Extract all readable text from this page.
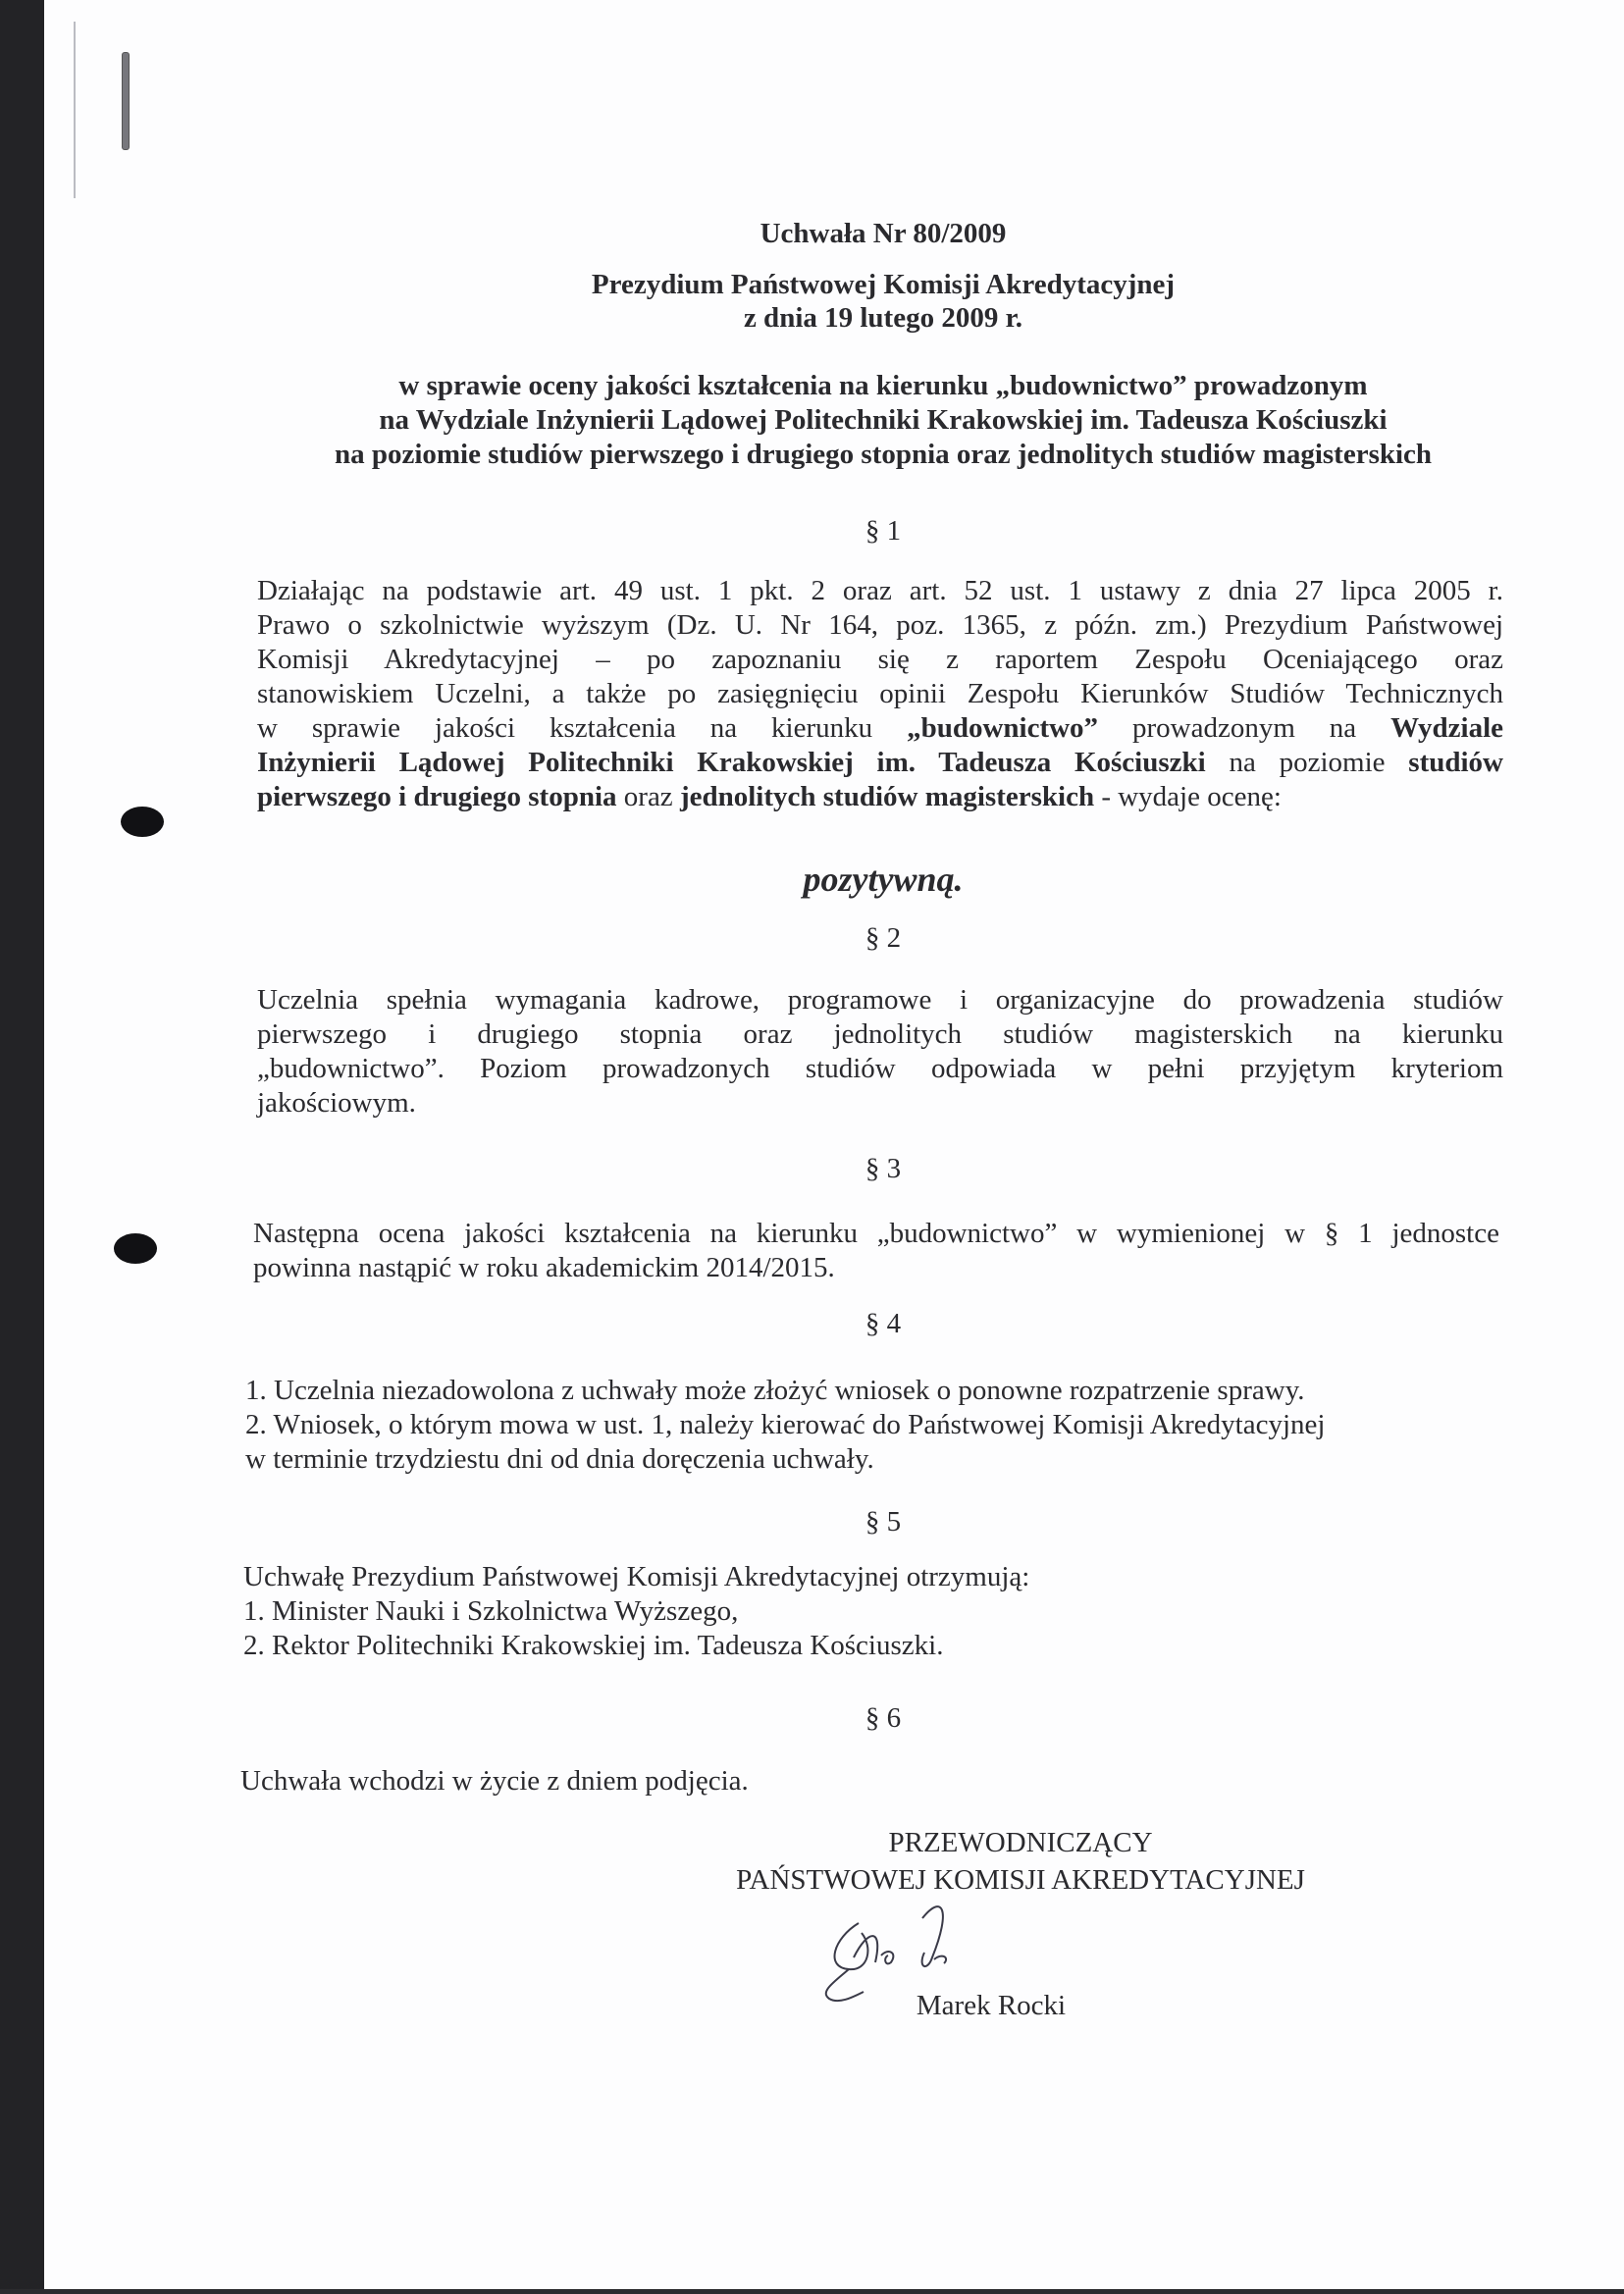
Uchwała Nr 80/2009
Prezydium Państwowej Komisji Akredytacyjnej
z dnia 19 lutego 2009 r.
w sprawie oceny jakości kształcenia na kierunku „budownictwo” prowadzonym
na Wydziale Inżynierii Lądowej Politechniki Krakowskiej im. Tadeusza Kościuszki
na poziomie studiów pierwszego i drugiego stopnia oraz jednolitych studiów magisterskich
§ 1
Działając na podstawie art. 49 ust. 1 pkt. 2 oraz art. 52 ust. 1 ustawy z dnia 27 lipca 2005 r.
Prawo o szkolnictwie wyższym (Dz. U. Nr 164, poz. 1365, z późn. zm.) Prezydium Państwowej
Komisji Akredytacyjnej – po zapoznaniu się z raportem Zespołu Oceniającego oraz
stanowiskiem Uczelni, a także po zasięgnięciu opinii Zespołu Kierunków Studiów Technicznych
w sprawie jakości kształcenia na kierunku „budownictwo” prowadzonym na Wydziale
Inżynierii Lądowej Politechniki Krakowskiej im. Tadeusza Kościuszki na poziomie studiów
pierwszego i drugiego stopnia oraz jednolitych studiów magisterskich - wydaje ocenę:
pozytywną.
§ 2
Uczelnia spełnia wymagania kadrowe, programowe i organizacyjne do prowadzenia studiów
pierwszego i drugiego stopnia oraz jednolitych studiów magisterskich na kierunku
„budownictwo”. Poziom prowadzonych studiów odpowiada w pełni przyjętym kryteriom
jakościowym.
§ 3
Następna ocena jakości kształcenia na kierunku „budownictwo” w wymienionej w § 1 jednostce
powinna nastąpić w roku akademickim 2014/2015.
§ 4
1. Uczelnia niezadowolona z uchwały może złożyć wniosek o ponowne rozpatrzenie sprawy.
2. Wniosek, o którym mowa w ust. 1, należy kierować do Państwowej Komisji Akredytacyjnej
w terminie trzydziestu dni od dnia doręczenia uchwały.
§ 5
Uchwałę Prezydium Państwowej Komisji Akredytacyjnej otrzymują:
1. Minister Nauki i Szkolnictwa Wyższego,
2. Rektor Politechniki Krakowskiej im. Tadeusza Kościuszki.
§ 6
Uchwała wchodzi w życie z dniem podjęcia.
PRZEWODNICZĄCY
PAŃSTWOWEJ KOMISJI AKREDYTACYJNEJ
Marek Rocki
